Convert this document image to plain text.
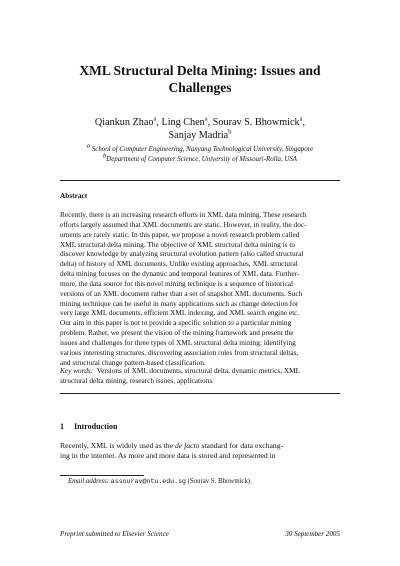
XML Structural Delta Mining: Issues and
Challenges
Qiankun Zhao$^a$, Ling Chen$^a$, Sourav S. Bhowmick$^a$,
Sanjay Madria$^b$
$^a$ School of Computer Engineering, Nanyang Technological University, Singapore
$^b$Department of Computer Science, University of Missouri-Rolla, USA
Abstract
Recently, there is an increasing research efforts in XML data mining. These research
efforts largely assumed that XML documents are static. However, in reality, the doc-
uments are rarely static. In this paper, we propose a novel research problem called
XML structural delta mining. The objective of XML structural delta mining is to
discover knowledge by analyzing structural evolution pattern (also called structural
delta) of history of XML documents. Unlike existing approaches, XML structural
delta mining focuses on the dynamic and temporal features of XML data. Further-
more, the data source for this novel mining technique is a sequence of historical
versions of an XML document rather than a set of snapshot XML documents. Such
mining technique can be useful in many applications such as change detection for
very large XML documents, efficient XML indexing, and XML search engine etc.
Our aim in this paper is not to provide a specific solution to a particular mining
problem. Rather, we present the vision of the mining framework and present the
issues and challenges for three types of XML structural delta mining: identifying
various interesting structures, discovering association rules from structural deltas,
and structural change pattern-based classification.
Key words: Versions of XML documents, structural delta, dynamic metrics, XML
structural delta mining, research issues, applications.
1 Introduction
Recently, XML is widely used as the de facto standard for data exchang-
ing in the internet. As more and more data is stored and represented in
Email address: assourav@ntu.edu.sg (Sourav S. Bhowmick).
Preprint submitted to Elsevier Science	30 September 2005
